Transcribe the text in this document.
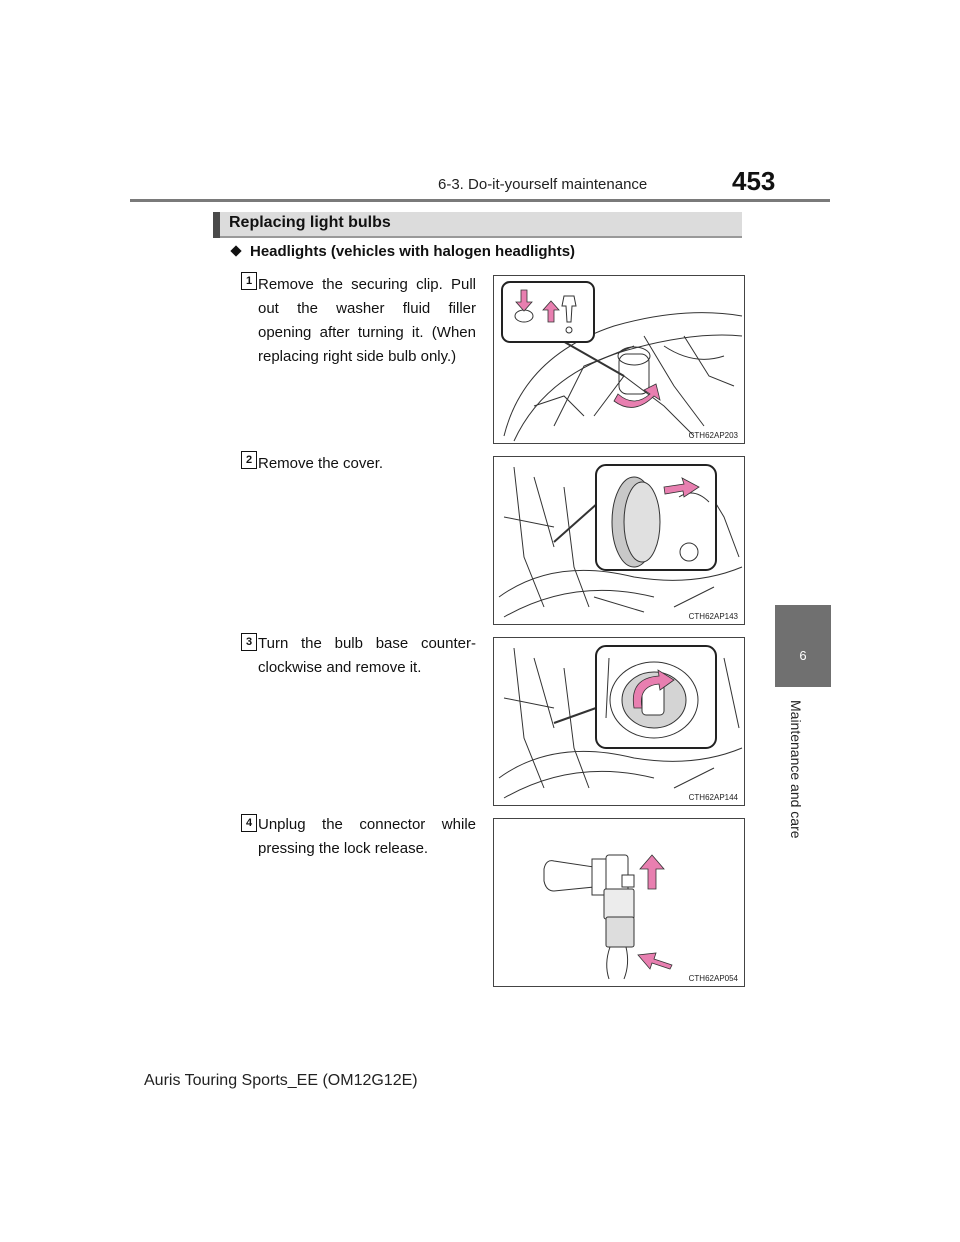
6-3. Do-it-yourself maintenance	453
6
Maintenance and care
Replacing light bulbs
Headlights (vehicles with halogen headlights)
1 Remove the securing clip. Pull out the washer fluid filler opening after turning it. (When replacing right side bulb only.)
CTH62AP203
2 Remove the cover.
CTH62AP143
3 Turn the bulb base counter-clockwise and remove it.
CTH62AP144
4 Unplug the connector while pressing the lock release.
CTH62AP054
Auris Touring Sports_EE (OM12G12E)
